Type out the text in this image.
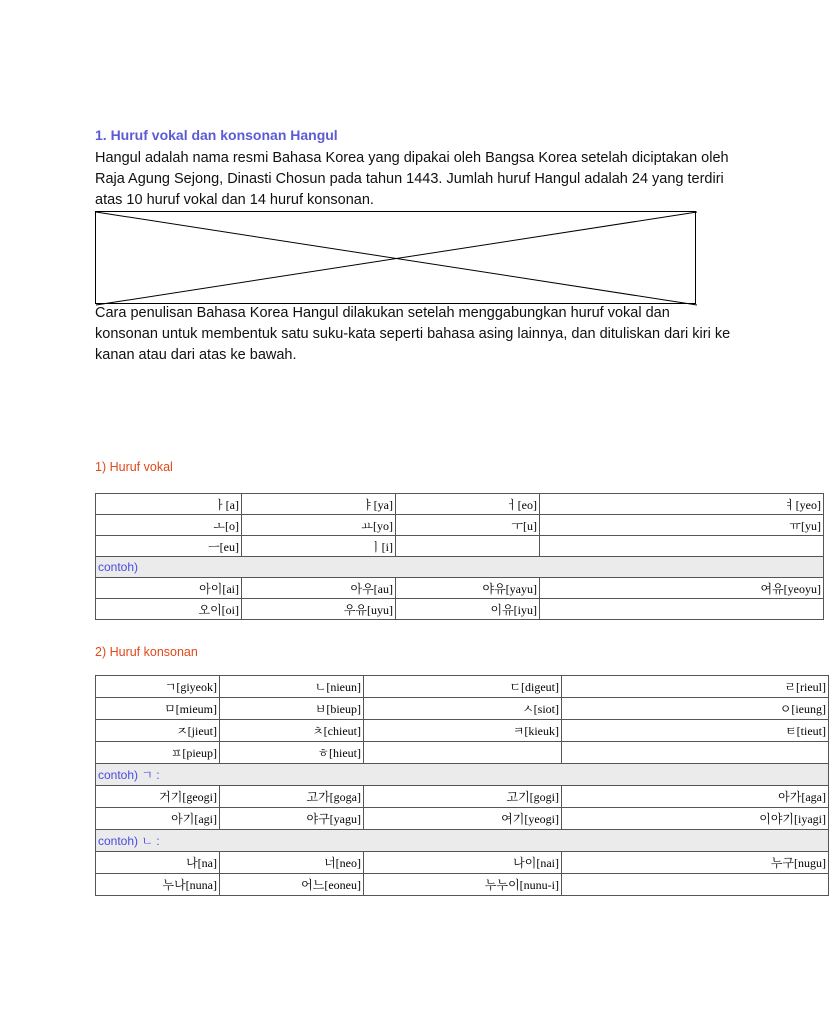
1. Huruf vokal dan konsonan Hangul
Hangul adalah nama resmi Bahasa Korea yang dipakai oleh Bangsa Korea setelah diciptakan oleh Raja Agung Sejong, Dinasti Chosun pada tahun 1443. Jumlah huruf Hangul adalah 24 yang terdiri atas 10 huruf vokal dan 14 huruf konsonan.
Cara penulisan Bahasa Korea Hangul dilakukan setelah menggabungkan huruf vokal dan konsonan untuk membentuk satu suku-kata seperti bahasa asing lainnya, dan dituliskan dari kiri ke kanan atau dari atas ke bawah.
1) Huruf vokal
ㅏ[a]	ㅑ[ya]	ㅓ[eo]	ㅕ[yeo]
ㅗ[o]	ㅛ[yo]	ㅜ[u]	ㅠ[yu]
ㅡ[eu]	ㅣ[i]		
contoh)			
아이[ai]	아우[au]	야유[yayu]	여유[yeoyu]
오이[oi]	우유[uyu]	이유[iyu]	
2) Huruf konsonan
ㄱ[giyeok]	ㄴ[nieun]	ㄷ[digeut]	ㄹ[rieul]
ㅁ[mieum]	ㅂ[bieup]	ㅅ[siot]	ㅇ[ieung]
ㅈ[jieut]	ㅊ[chieut]	ㅋ[kieuk]	ㅌ[tieut]
ㅍ[pieup]	ㅎ[hieut]		
contoh) ㄱ :			
거기[geogi]	고가[goga]	고기[gogi]	아가[aga]
아기[agi]	야구[yagu]	여기[yeogi]	이야기[iyagi]
contoh) ㄴ :			
나[na]	너[neo]	나이[nai]	누구[nugu]
누나[nuna]	어느[eoneu]	누누이[nunu-i]	
